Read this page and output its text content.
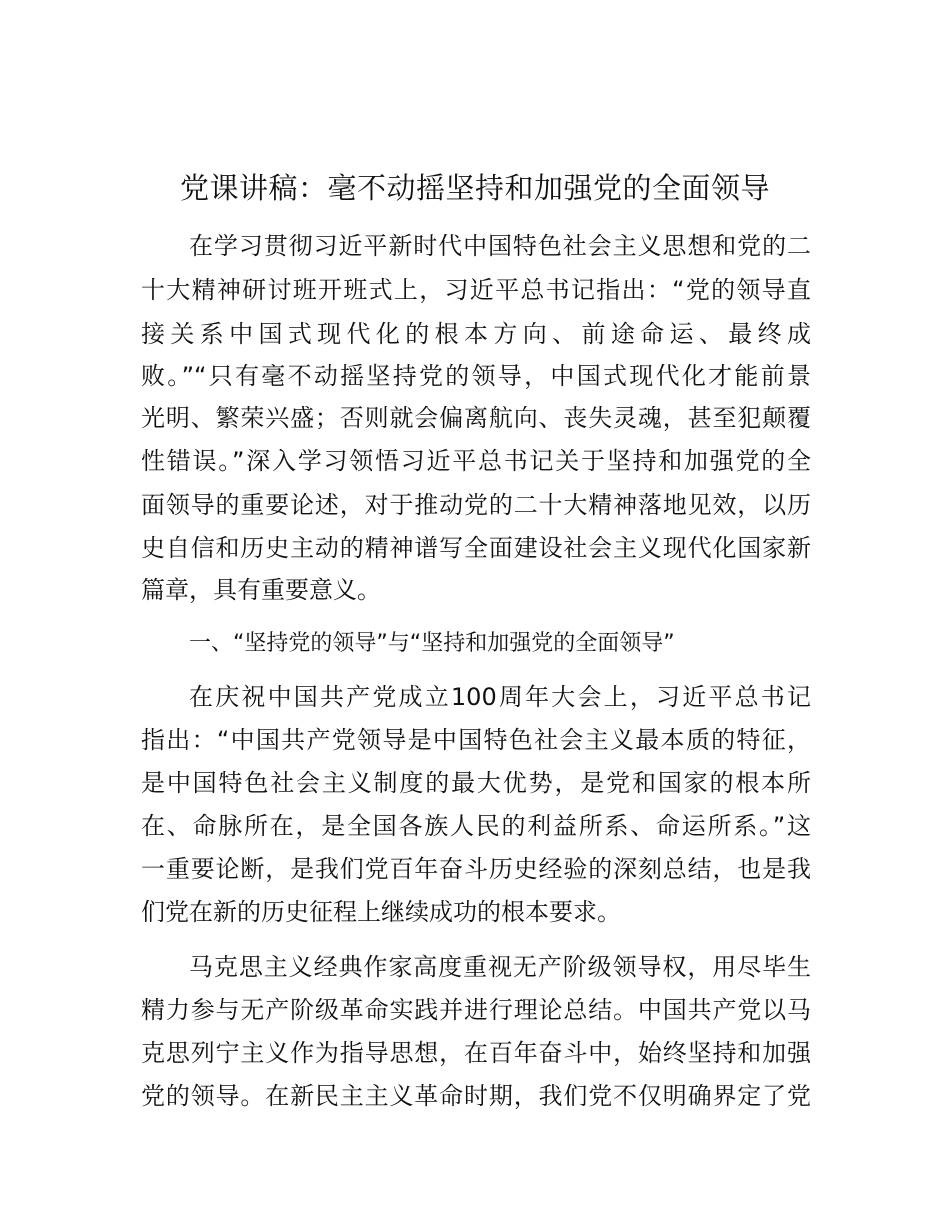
党课讲稿：毫不动摇坚持和加强党的全面领导
在学习贯彻习近平新时代中国特色社会主义思想和党的二
十大精神研讨班开班式上，习近平总书记指出：“党的领导直
接关系中国式现代化的根本方向、前途命运、最终成
败。”“只有毫不动摇坚持党的领导，中国式现代化才能前景
光明、繁荣兴盛；否则就会偏离航向、丧失灵魂，甚至犯颠覆
性错误。”深入学习领悟习近平总书记关于坚持和加强党的全
面领导的重要论述，对于推动党的二十大精神落地见效，以历
史自信和历史主动的精神谱写全面建设社会主义现代化国家新
篇章，具有重要意义。
一、“坚持党的领导”与“坚持和加强党的全面领导”
在庆祝中国共产党成立100周年大会上，习近平总书记
指出：“中国共产党领导是中国特色社会主义最本质的特征，
是中国特色社会主义制度的最大优势，是党和国家的根本所
在、命脉所在，是全国各族人民的利益所系、命运所系。”这
一重要论断，是我们党百年奋斗历史经验的深刻总结，也是我
们党在新的历史征程上继续成功的根本要求。
马克思主义经典作家高度重视无产阶级领导权，用尽毕生
精力参与无产阶级革命实践并进行理论总结。中国共产党以马
克思列宁主义作为指导思想，在百年奋斗中，始终坚持和加强
党的领导。在新民主主义革命时期，我们党不仅明确界定了党
